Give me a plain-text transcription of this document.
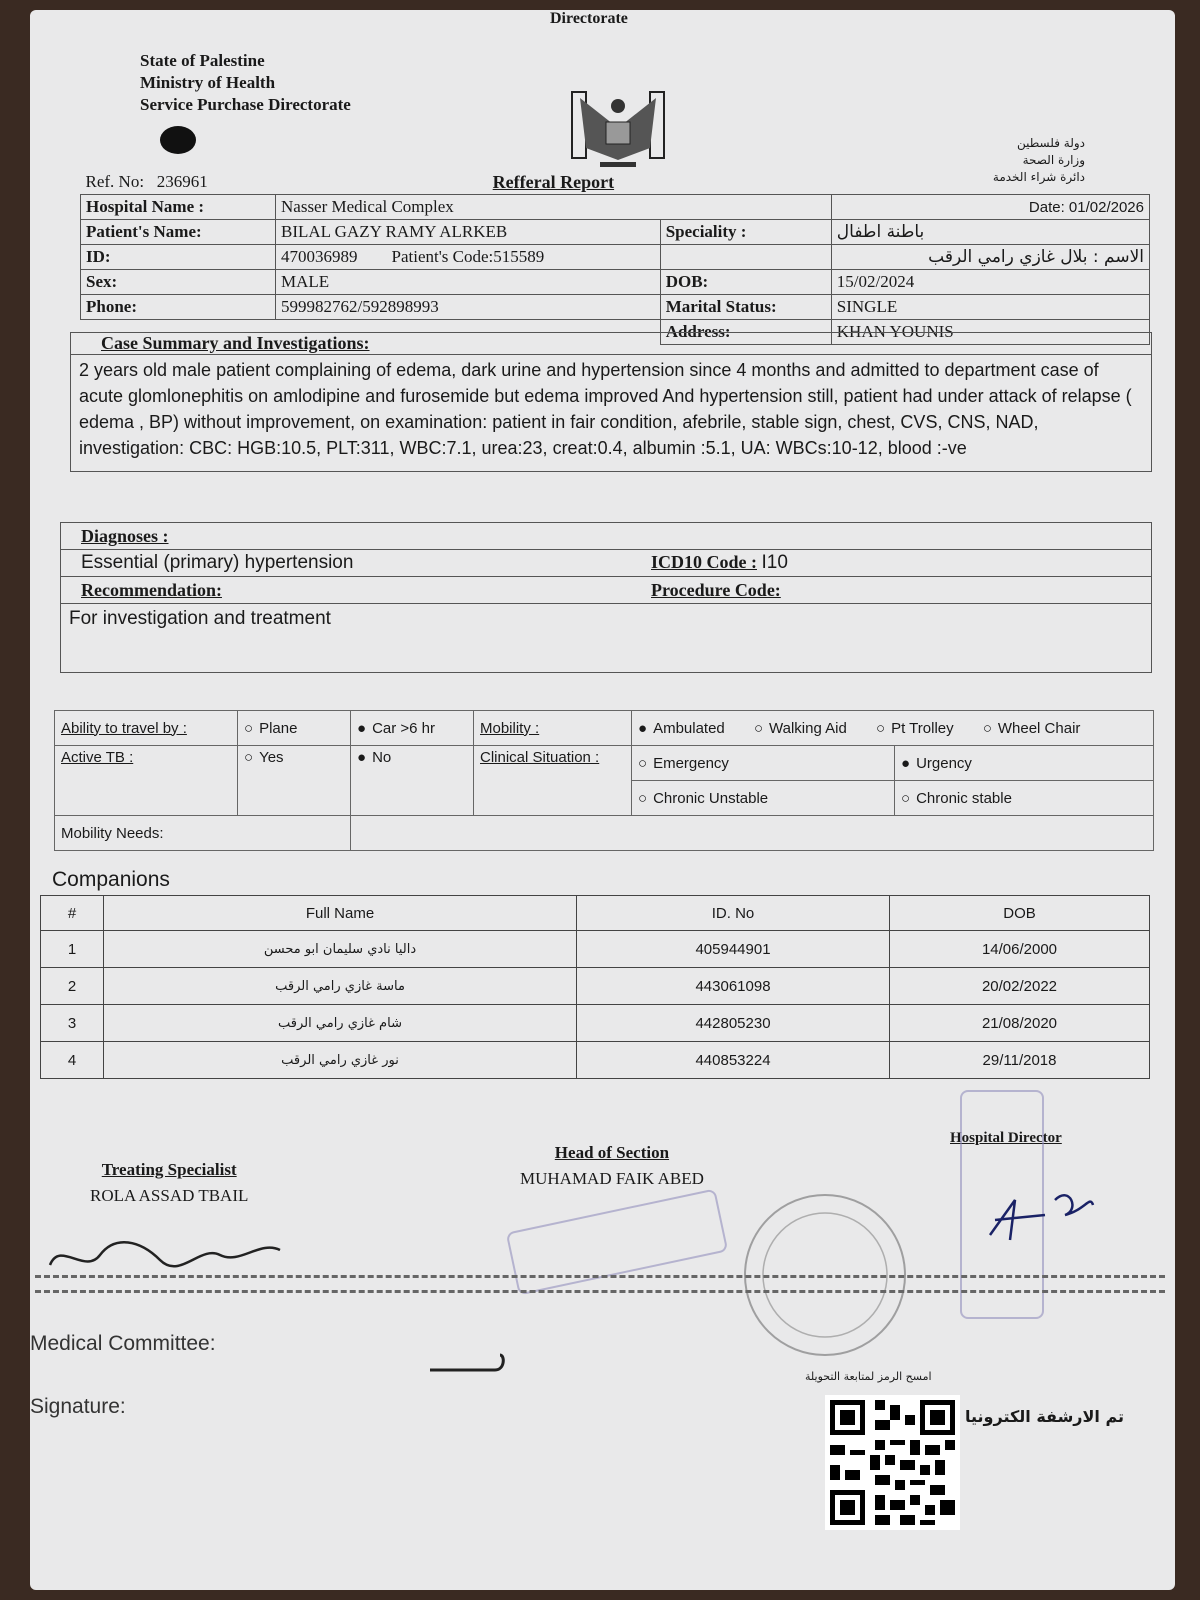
Directorate
State of Palestine
Ministry of Health
Service Purchase Directorate
دولة فلسطين
وزارة الصحة
دائرة شراء الخدمة
Ref. No: 236961	Refferal Report		
Hospital Name :	Nasser Medical Complex		Date: 01/02/2026
Patient's Name:	BILAL GAZY RAMY ALRKEB	Speciality :	باطنة اطفال
ID:	470036989 Patient's Code:515589		الاسم : بلال غازي رامي الرقب
Sex:	MALE	DOB:	15/02/2024
Phone:	599982762/592898993	Marital Status:	SINGLE
		Address:	KHAN YOUNIS
Case Summary and Investigations:
2 years old male patient complaining of edema, dark urine and hypertension since 4 months and admitted to department case of acute glomlonephitis on amlodipine and furosemide but edema improved And hypertension still, patient had under attack of relapse ( edema , BP) without improvement, on examination: patient in fair condition, afebrile, stable sign, chest, CVS, CNS, NAD, investigation: CBC: HGB:10.5, PLT:311, WBC:7.1, urea:23, creat:0.4, albumin :5.1, UA: WBCs:10-12, blood :-ve
Diagnoses :
Essential (primary) hypertension	ICD10 Code : I10
Recommendation:	Procedure Code:
For investigation and treatment
Ability to travel by :	○ Plane	● Car >6 hr	Mobility :	● Ambulated ○ Walking Aid ○ Pt Trolley ○ Wheel Chair
Active TB :	○ Yes	● No	Clinical Situation :	○ Emergency	● Urgency
				○ Chronic Unstable	○ Chronic stable
Mobility Needs:					
Companions
#	Full Name	ID. No	DOB
1	داليا نادي سليمان ابو محسن	405944901	14/06/2000
2	ماسة غازي رامي الرقب	443061098	20/02/2022
3	شام غازي رامي الرقب	442805230	21/08/2020
4	نور غازي رامي الرقب	440853224	29/11/2018
Treating Specialist
ROLA ASSAD TBAIL
Head of Section
MUHAMAD FAIK ABED
Hospital Director
Medical Committee:
Signature:
امسح الرمز لمتابعة التحويلة
تم الارشفة الكترونيا
